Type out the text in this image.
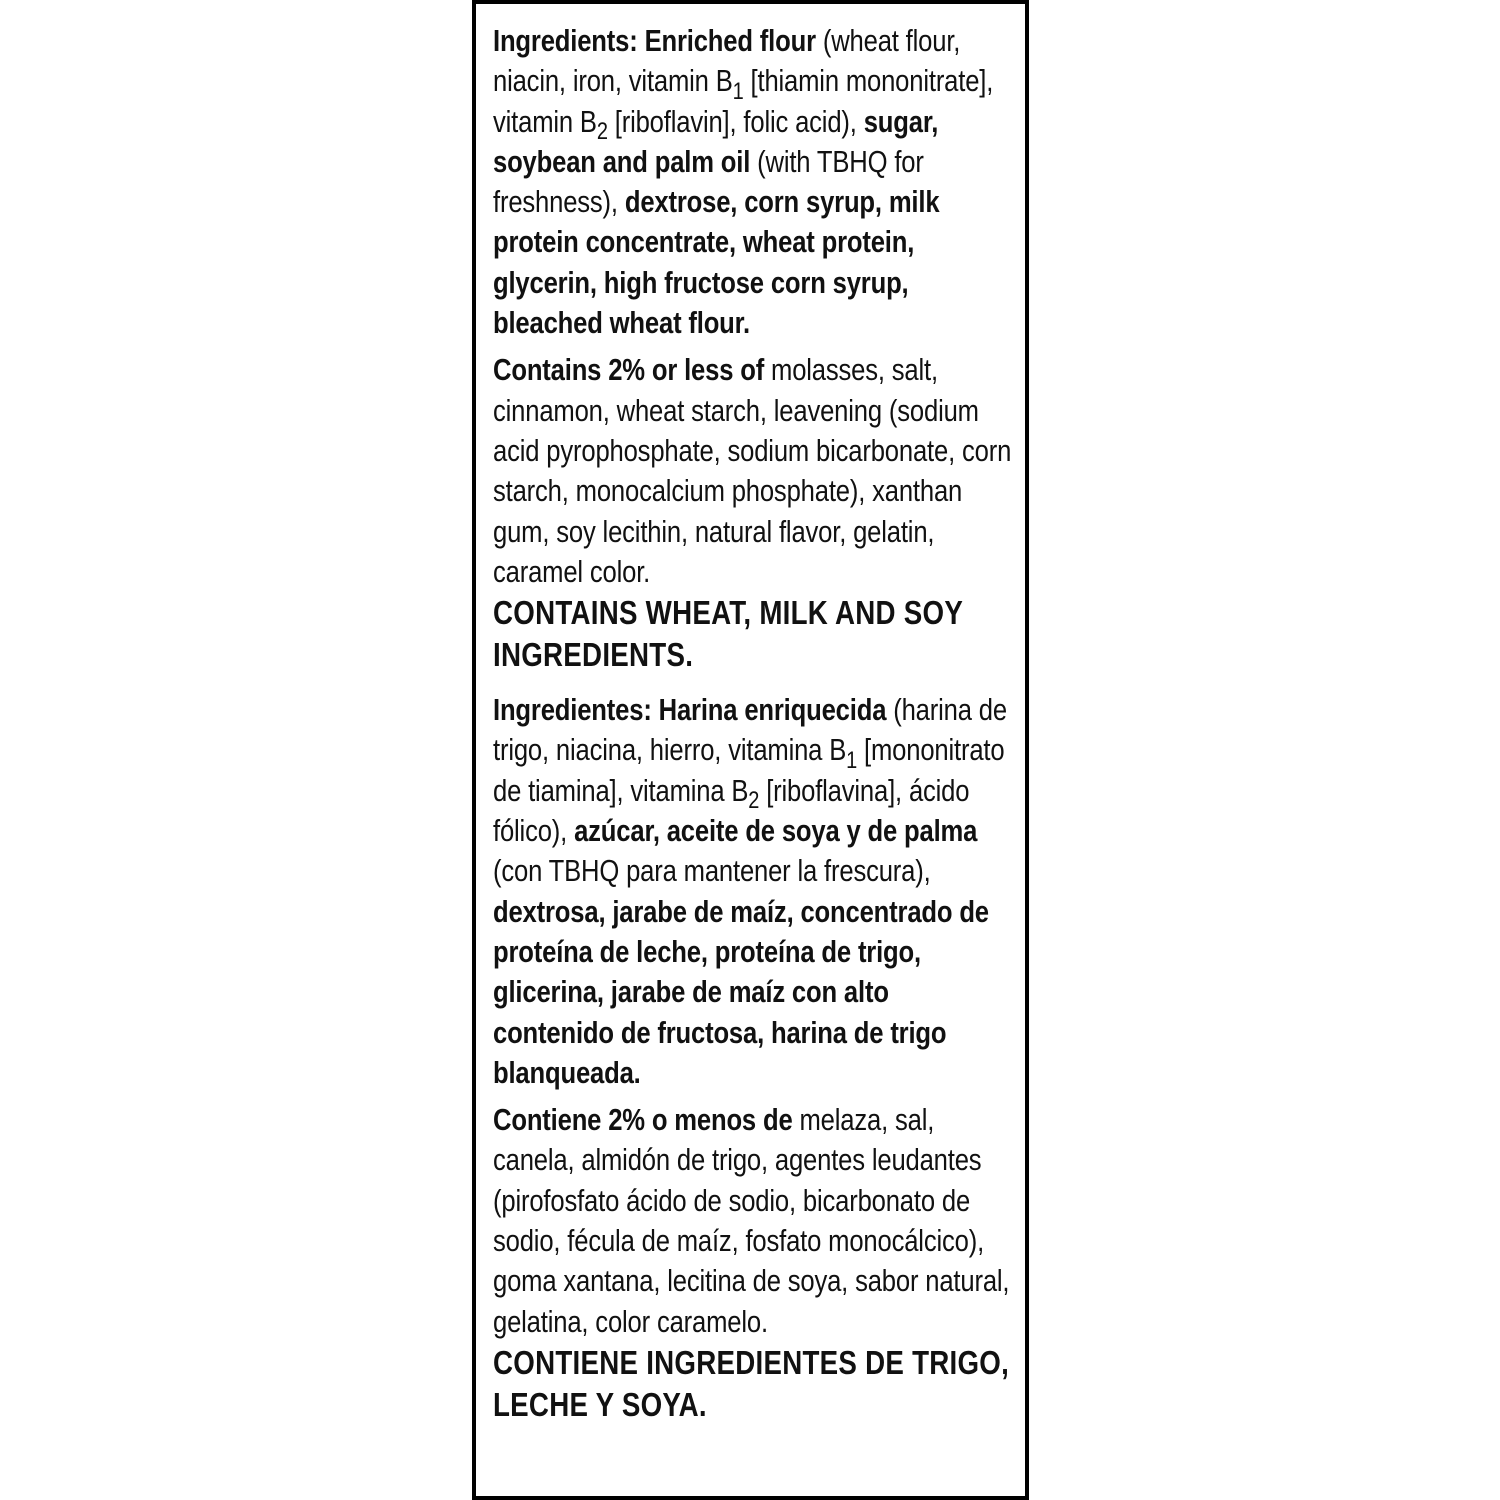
Ingredients: Enriched flour (wheat flour, niacin, iron, vitamin $B_1$ [thiamin mononitrate], vitamin $B_2$ [riboflavin], folic acid), sugar, soybean and palm oil (with TBHQ for freshness), dextrose, corn syrup, milk protein concentrate, wheat protein, glycerin, high fructose corn syrup, bleached wheat flour.

Contains 2% or less of molasses, salt, cinnamon, wheat starch, leavening (sodium acid pyrophosphate, sodium bicarbonate, corn starch, monocalcium phosphate), xanthan gum, soy lecithin, natural flavor, gelatin, caramel color.

CONTAINS WHEAT, MILK AND SOY INGREDIENTS.

Ingredientes: Harina enriquecida (harina de trigo, niacina, hierro, vitamina $B_1$ [mononitrato de tiamina], vitamina $B_2$ [riboflavina], ácido fólico), azúcar, aceite de soya y de palma (con TBHQ para mantener la frescura), dextrosa, jarabe de maíz, concentrado de proteína de leche, proteína de trigo, glicerina, jarabe de maíz con alto contenido de fructosa, harina de trigo blanqueada.

Contiene 2% o menos de melaza, sal, canela, almidón de trigo, agentes leudantes (pirofosfato ácido de sodio, bicarbonato de sodio, fécula de maíz, fosfato monocálcico), goma xantana, lecitina de soya, sabor natural, gelatina, color caramelo.

CONTIENE INGREDIENTES DE TRIGO, LECHE Y SOYA.
